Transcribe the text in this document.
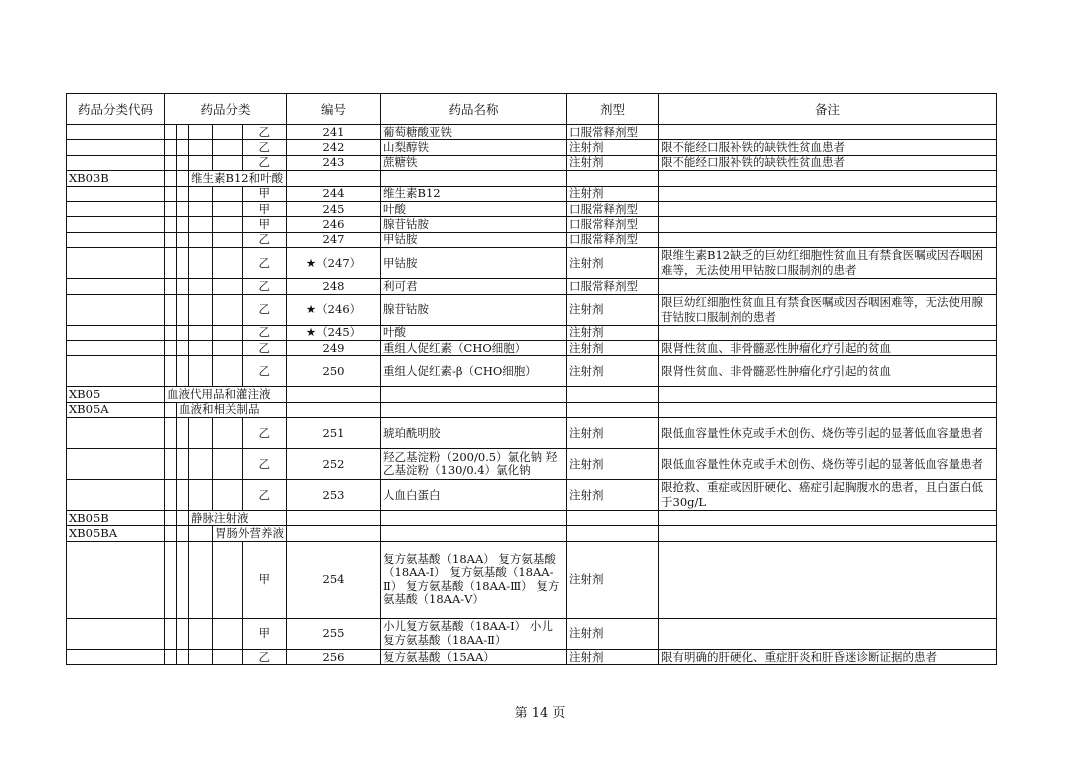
药品分类代码	药品分类					编号	药品名称	剂型	备注
					乙	241	葡萄糖酸亚铁	口服常释剂型	
					乙	242	山梨醇铁	注射剂	限不能经口服补铁的缺铁性贫血患者
					乙	243	蔗糖铁	注射剂	限不能经口服补铁的缺铁性贫血患者
XB03B			维生素B12和叶酸						
					甲	244	维生素B12	注射剂	
					甲	245	叶酸	口服常释剂型	
					甲	246	腺苷钴胺	口服常释剂型	
					乙	247	甲钴胺	口服常释剂型	
					乙	★（247）	甲钴胺	注射剂	限维生素B12缺乏的巨幼红细胞性贫血且有禁食医嘱或因吞咽困难等，无法使用甲钴胺口服制剂的患者
					乙	248	利可君	口服常释剂型	
					乙	★（246）	腺苷钴胺	注射剂	限巨幼红细胞性贫血且有禁食医嘱或因吞咽困难等，无法使用腺苷钴胺口服制剂的患者
					乙	★（245）	叶酸	注射剂	
					乙	249	重组人促红素（CHO细胞）	注射剂	限肾性贫血、非骨髓恶性肿瘤化疗引起的贫血
					乙	250	重组人促红素-β（CHO细胞）	注射剂	限肾性贫血、非骨髓恶性肿瘤化疗引起的贫血
XB05	血液代用品和灌注液								
XB05A		血液和相关制品							
					乙	251	琥珀酰明胶	注射剂	限低血容量性休克或手术创伤、烧伤等引起的显著低血容量患者
					乙	252	羟乙基淀粉（200/0.5）氯化钠 羟乙基淀粉（130/0.4）氯化钠	注射剂	限低血容量性休克或手术创伤、烧伤等引起的显著低血容量患者
					乙	253	人血白蛋白	注射剂	限抢救、重症或因肝硬化、癌症引起胸腹水的患者，且白蛋白低于30g/L
XB05B			静脉注射液						
XB05BA				胃肠外营养液					
					甲	254	复方氨基酸（18AA） 复方氨基酸（18AA-Ⅰ） 复方氨基酸（18AA-Ⅱ） 复方氨基酸（18AA-Ⅲ） 复方氨基酸（18AA-Ⅴ）	注射剂	
					甲	255	小儿复方氨基酸（18AA-Ⅰ） 小儿复方氨基酸（18AA-Ⅱ）	注射剂	
					乙	256	复方氨基酸（15AA）	注射剂	限有明确的肝硬化、重症肝炎和肝昏迷诊断证据的患者
第 14 页
